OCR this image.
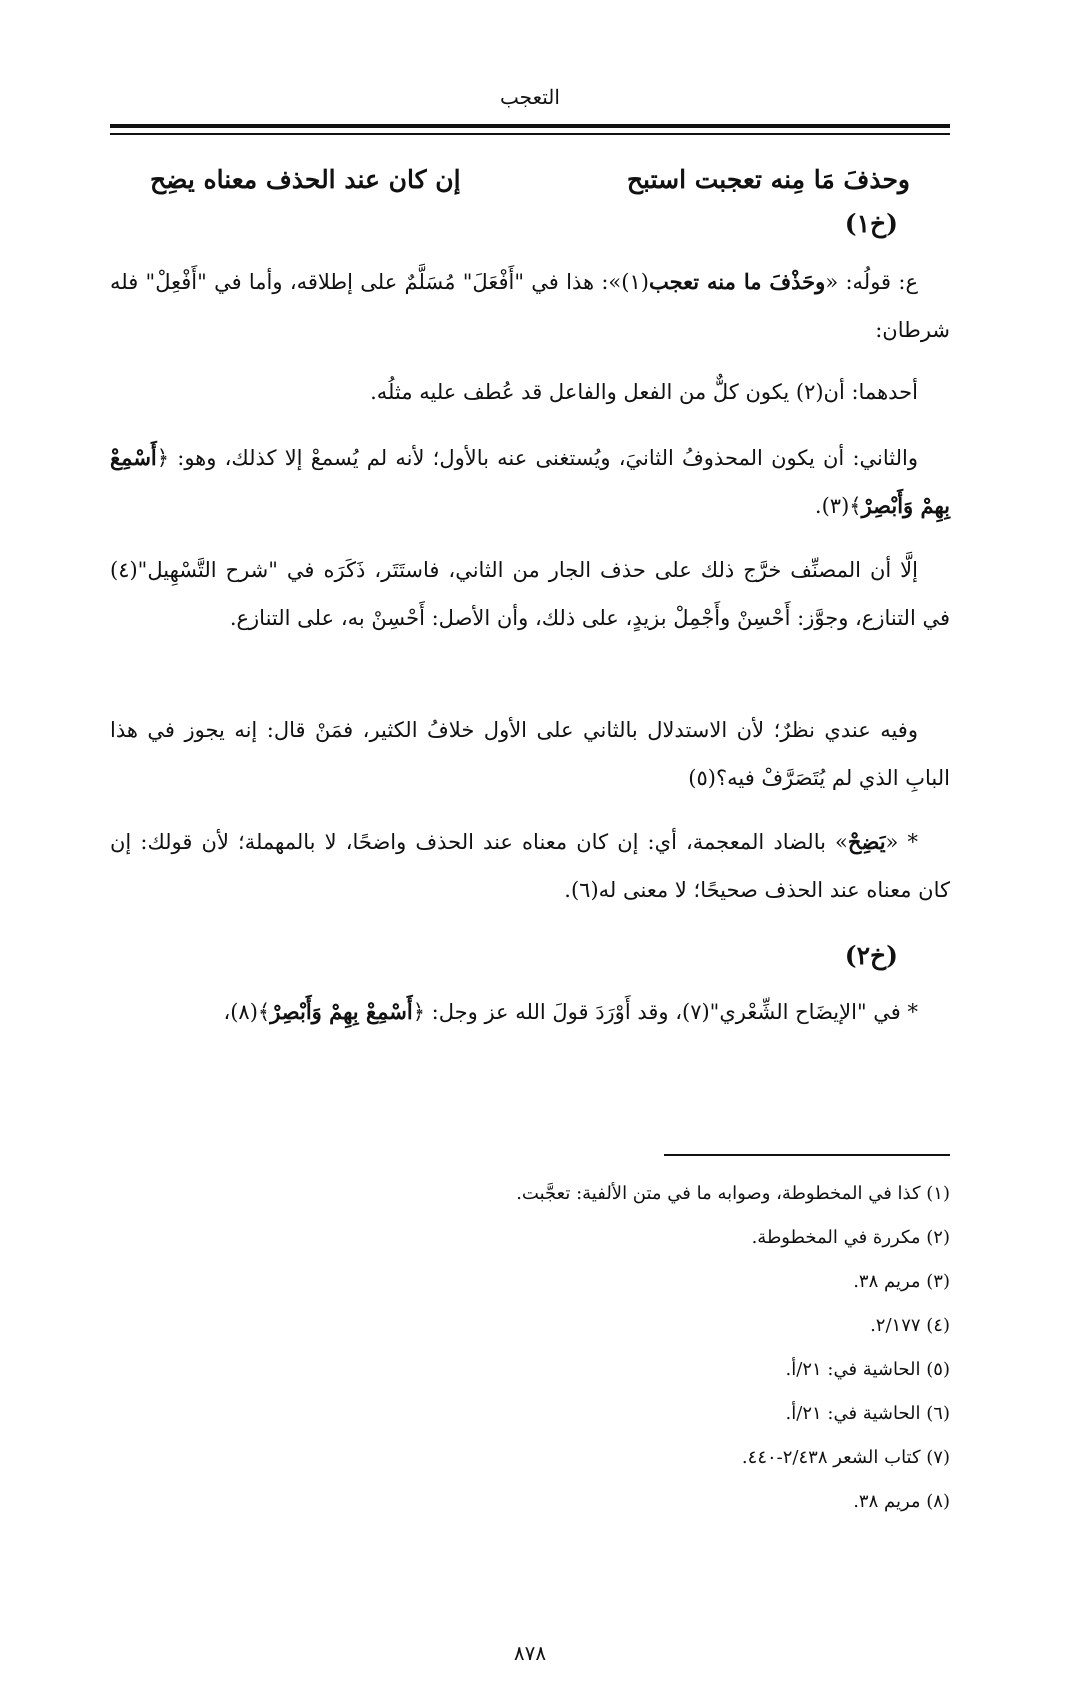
التعجب
وحذفَ مَا مِنه تعجبت استبح
إن كان عند الحذف معناه يضِح
(خ١)

ع: قولُه: «وحَذْفَ ما منه تعجب(١)»: هذا في "أَفْعَلَ" مُسَلَّمٌ على إطلاقه، وأما في "أَفْعِلْ" فله شرطان:

أحدهما: أن(٢) يكون كلٌّ من الفعل والفاعل قد عُطف عليه مثلُه.

والثاني: أن يكون المحذوفُ الثانيَ، ويُستغنى عنه بالأول؛ لأنه لم يُسمعْ إلا كذلك، وهو: ﴿أَسْمِعْ بِهِمْ وَأَبْصِرْ﴾(٣).

إلَّا أن المصنِّف خرَّج ذلك على حذف الجار من الثاني، فاستَتَر، ذَكَرَه في "شرح التَّسْهِيل"(٤) في التنازع، وجوَّز: أَحْسِنْ وأَجْمِلْ بزيدٍ، على ذلك، وأن الأصل: أَحْسِنْ به، على التنازع.

وفيه عندي نظرٌ؛ لأن الاستدلال بالثاني على الأول خلافُ الكثير، فمَنْ قال: إنه يجوز في هذا البابِ الذي لم يُتَصَرَّفْ فيه؟(٥)

* «يَضِحْ» بالضاد المعجمة، أي: إن كان معناه عند الحذف واضحًا، لا بالمهملة؛ لأن قولك: إن كان معناه عند الحذف صحيحًا؛ لا معنى له(٦).

(خ٢)

* في "الإيضَاح الشِّعْري"(٧)، وقد أَوْرَدَ قولَ الله عز وجل: ﴿أَسْمِعْ بِهِمْ وَأَبْصِرْ﴾(٨)،

(١) كذا في المخطوطة، وصوابه ما في متن الألفية: تعجَّبت.
(٢) مكررة في المخطوطة.
(٣) مريم ٣٨.
(٤) ٢/١٧٧.
(٥) الحاشية في: ٢١/أ.
(٦) الحاشية في: ٢١/أ.
(٧) كتاب الشعر ٢/٤٣٨-٤٤٠.
(٨) مريم ٣٨.
٨٧٨
